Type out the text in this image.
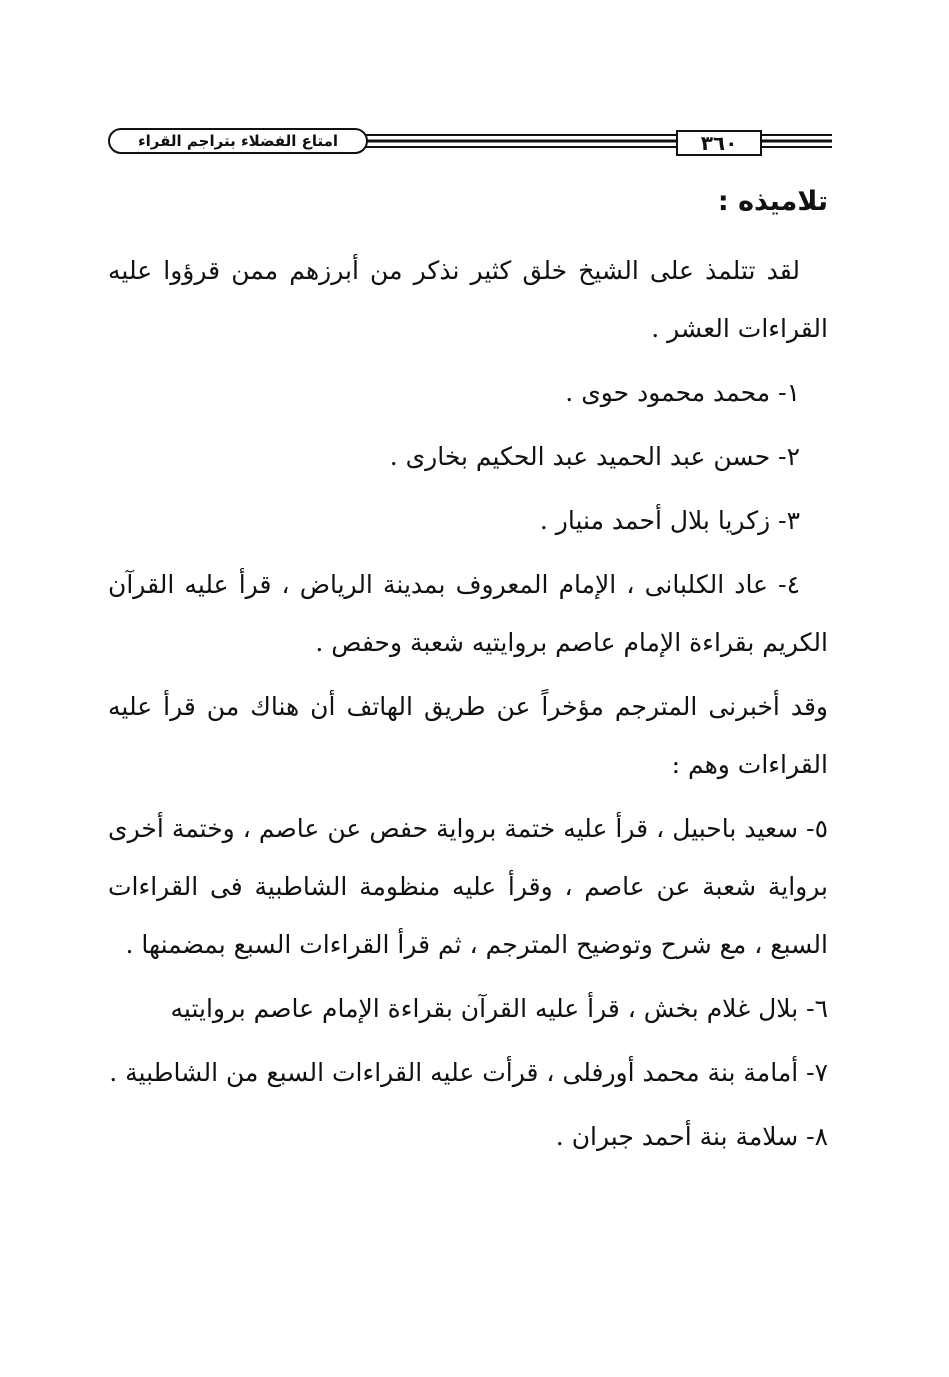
امتاع الفضلاء بتراجم القراء	٣٦٠
تلاميذه :

لقد تتلمذ على الشيخ خلق كثير نذكر من أبرزهم ممن قرؤوا عليه القراءات العشر .

١- محمد محمود حوى .

٢- حسن عبد الحميد عبد الحكيم بخارى .

٣- زكريا بلال أحمد منيار .

٤- عاد الكلبانى ، الإمام المعروف بمدينة الرياض ، قرأ عليه القرآن الكريم بقراءة الإمام عاصم بروايتيه شعبة وحفص .

وقد أخبرنى المترجم مؤخراً عن طريق الهاتف أن هناك من قرأ عليه القراءات وهم :

٥- سعيد باحبيل ، قرأ عليه ختمة برواية حفص عن عاصم ، وختمة أخرى برواية شعبة عن عاصم ، وقرأ عليه منظومة الشاطبية فى القراءات السبع ، مع شرح وتوضيح المترجم ، ثم قرأ القراءات السبع بمضمنها .

٦- بلال غلام بخش ، قرأ عليه القرآن بقراءة الإمام عاصم بروايتيه

٧- أمامة بنة محمد أورفلى ، قرأت عليه القراءات السبع من الشاطبية .

٨- سلامة بنة أحمد جبران .
